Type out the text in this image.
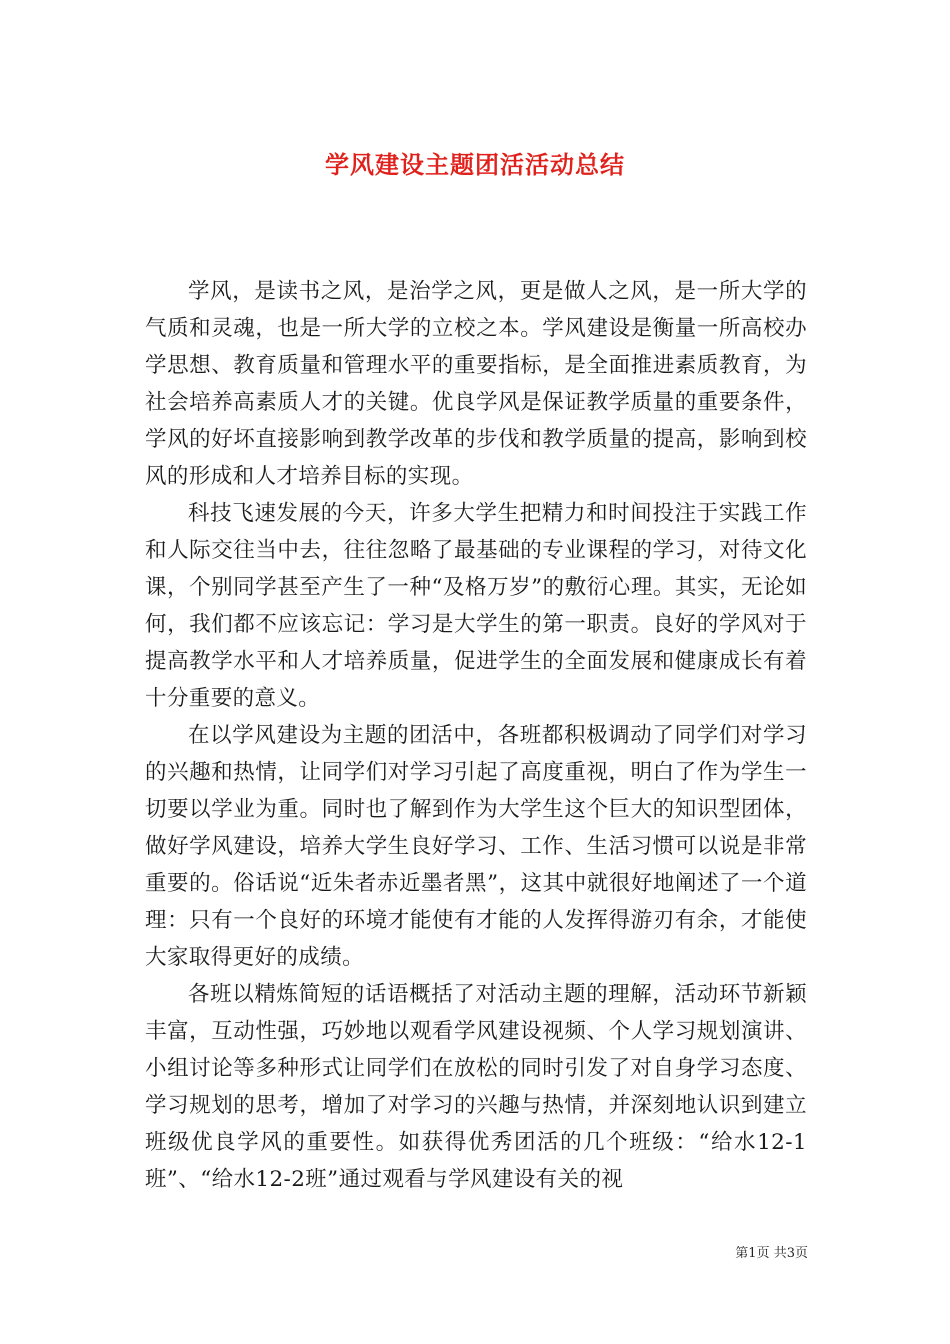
学风建设主题团活活动总结

学风，是读书之风，是治学之风，更是做人之风，是一所大学的气质和灵魂，也是一所大学的立校之本。学风建设是衡量一所高校办学思想、教育质量和管理水平的重要指标，是全面推进素质教育，为社会培养高素质人才的关键。优良学风是保证教学质量的重要条件，学风的好坏直接影响到教学改革的步伐和教学质量的提高，影响到校风的形成和人才培养目标的实现。

科技飞速发展的今天，许多大学生把精力和时间投注于实践工作和人际交往当中去，往往忽略了最基础的专业课程的学习，对待文化课，个别同学甚至产生了一种“及格万岁”的敷衍心理。其实，无论如何，我们都不应该忘记：学习是大学生的第一职责。良好的学风对于提高教学水平和人才培养质量，促进学生的全面发展和健康成长有着十分重要的意义。

在以学风建设为主题的团活中，各班都积极调动了同学们对学习的兴趣和热情，让同学们对学习引起了高度重视，明白了作为学生一切要以学业为重。同时也了解到作为大学生这个巨大的知识型团体，做好学风建设，培养大学生良好学习、工作、生活习惯可以说是非常重要的。俗话说“近朱者赤近墨者黑”，这其中就很好地阐述了一个道理：只有一个良好的环境才能使有才能的人发挥得游刃有余，才能使大家取得更好的成绩。

各班以精炼简短的话语概括了对活动主题的理解，活动环节新颖丰富，互动性强，巧妙地以观看学风建设视频、个人学习规划演讲、小组讨论等多种形式让同学们在放松的同时引发了对自身学习态度、学习规划的思考，增加了对学习的兴趣与热情，并深刻地认识到建立班级优良学风的重要性。如获得优秀团活的几个班级：“给水12-1班”、“给水12-2班”通过观看与学风建设有关的视

第1页 共3页
